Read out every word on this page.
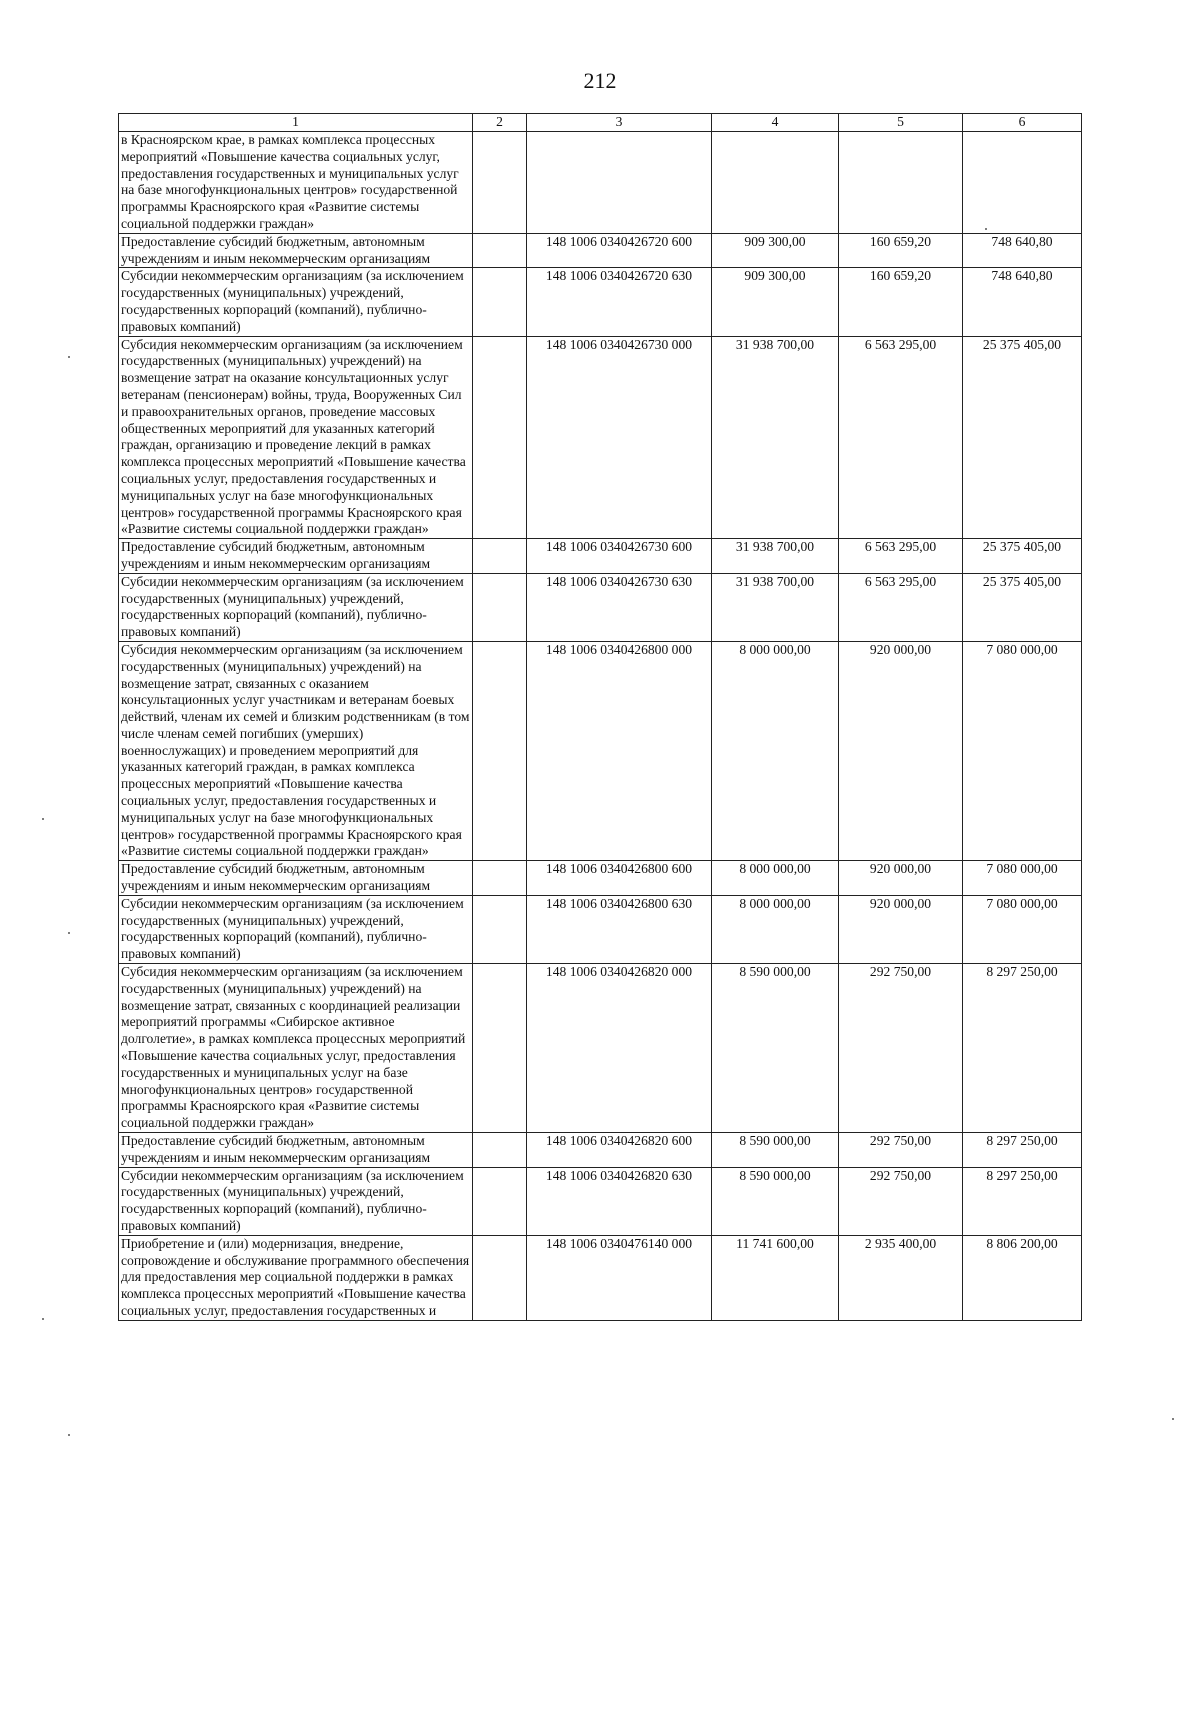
212
1	2	3	4	5	6
в Красноярском крае, в рамках комплекса процессных мероприятий «Повышение качества социальных услуг, предоставления государственных и муниципальных услуг на базе многофункциональных центров» государственной программы Красноярского края «Развитие системы социальной поддержки граждан»					
Предоставление субсидий бюджетным, автономным учреждениям и иным некоммерческим организациям		148 1006 0340426720 600	909 300,00	160 659,20	748 640,80
Субсидии некоммерческим организациям (за исключением государственных (муниципальных) учреждений, государственных корпораций (компаний), публично-правовых компаний)		148 1006 0340426720 630	909 300,00	160 659,20	748 640,80
Субсидия некоммерческим организациям (за исключением государственных (муниципальных) учреждений) на возмещение затрат на оказание консультационных услуг ветеранам (пенсионерам) войны, труда, Вооруженных Сил и правоохранительных органов, проведение массовых общественных мероприятий для указанных категорий граждан, организацию и проведение лекций в рамках комплекса процессных мероприятий «Повышение качества социальных услуг, предоставления государственных и муниципальных услуг на базе многофункциональных центров» государственной программы Красноярского края «Развитие системы социальной поддержки граждан»		148 1006 0340426730 000	31 938 700,00	6 563 295,00	25 375 405,00
Предоставление субсидий бюджетным, автономным учреждениям и иным некоммерческим организациям		148 1006 0340426730 600	31 938 700,00	6 563 295,00	25 375 405,00
Субсидии некоммерческим организациям (за исключением государственных (муниципальных) учреждений, государственных корпораций (компаний), публично-правовых компаний)		148 1006 0340426730 630	31 938 700,00	6 563 295,00	25 375 405,00
Субсидия некоммерческим организациям (за исключением государственных (муниципальных) учреждений) на возмещение затрат, связанных с оказанием консультационных услуг участникам и ветеранам боевых действий, членам их семей и близким родственникам (в том числе членам семей погибших (умерших) военнослужащих) и проведением мероприятий для указанных категорий граждан, в рамках комплекса процессных мероприятий «Повышение качества социальных услуг, предоставления государственных и муниципальных услуг на базе многофункциональных центров» государственной программы Красноярского края «Развитие системы социальной поддержки граждан»		148 1006 0340426800 000	8 000 000,00	920 000,00	7 080 000,00
Предоставление субсидий бюджетным, автономным учреждениям и иным некоммерческим организациям		148 1006 0340426800 600	8 000 000,00	920 000,00	7 080 000,00
Субсидии некоммерческим организациям (за исключением государственных (муниципальных) учреждений, государственных корпораций (компаний), публично-правовых компаний)		148 1006 0340426800 630	8 000 000,00	920 000,00	7 080 000,00
Субсидия некоммерческим организациям (за исключением государственных (муниципальных) учреждений) на возмещение затрат, связанных с координацией реализации мероприятий программы «Сибирское активное долголетие», в рамках комплекса процессных мероприятий «Повышение качества социальных услуг, предоставления государственных и муниципальных услуг на базе многофункциональных центров» государственной программы Красноярского края «Развитие системы социальной поддержки граждан»		148 1006 0340426820 000	8 590 000,00	292 750,00	8 297 250,00
Предоставление субсидий бюджетным, автономным учреждениям и иным некоммерческим организациям		148 1006 0340426820 600	8 590 000,00	292 750,00	8 297 250,00
Субсидии некоммерческим организациям (за исключением государственных (муниципальных) учреждений, государственных корпораций (компаний), публично-правовых компаний)		148 1006 0340426820 630	8 590 000,00	292 750,00	8 297 250,00
Приобретение и (или) модернизация, внедрение, сопровождение и обслуживание программного обеспечения для предоставления мер социальной поддержки в рамках комплекса процессных мероприятий «Повышение качества социальных услуг, предоставления государственных и		148 1006 0340476140 000	11 741 600,00	2 935 400,00	8 806 200,00
